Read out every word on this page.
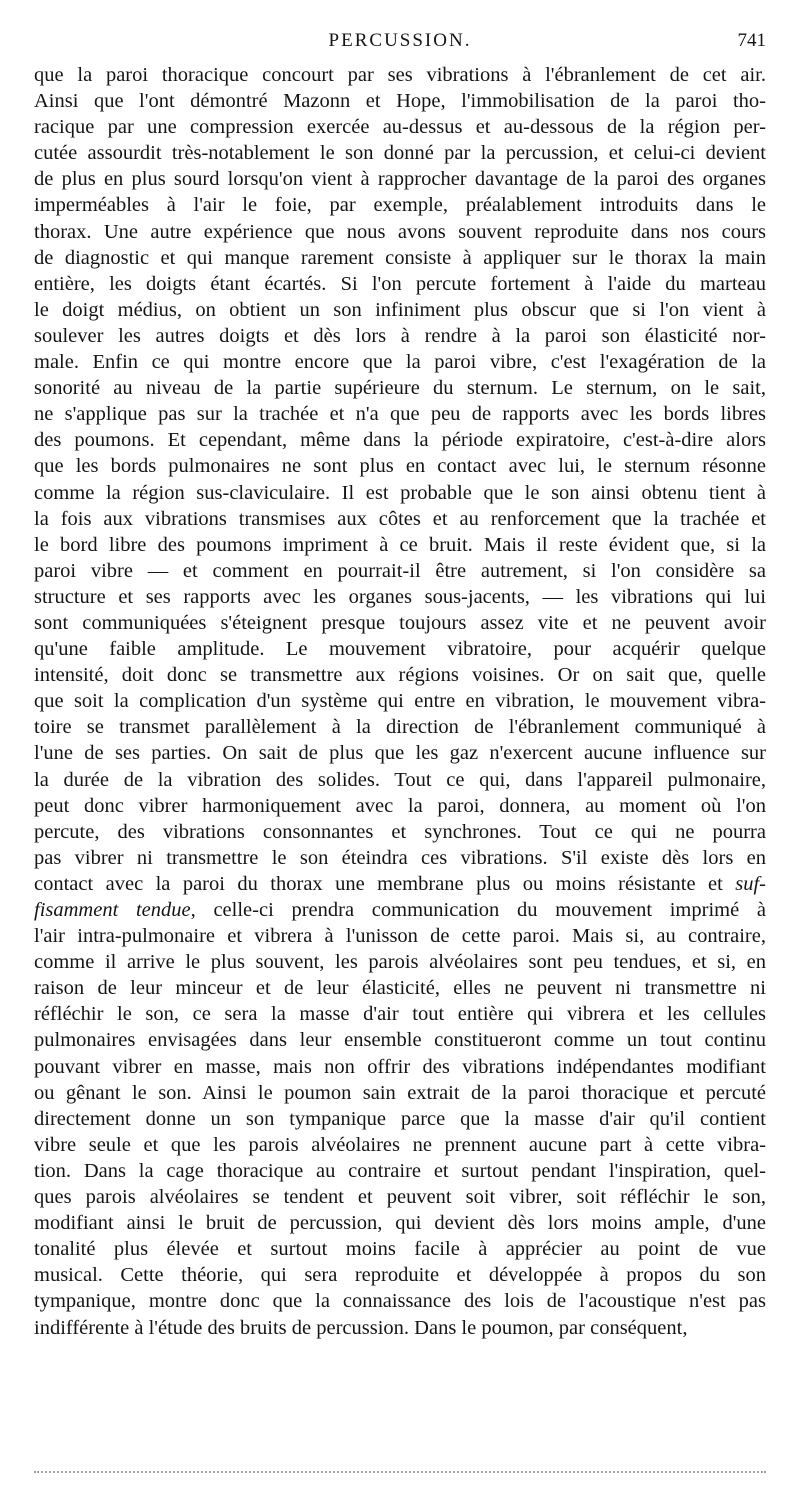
PERCUSSION.	741
que la paroi thoracique concourt par ses vibrations à l'ébranlement de cet air.
Ainsi que l'ont démontré Mazonn et Hope, l'immobilisation de la paroi tho-
racique par une compression exercée au-dessus et au-dessous de la région per-
cutée assourdit très-notablement le son donné par la percussion, et celui-ci devient
de plus en plus sourd lorsqu'on vient à rapprocher davantage de la paroi des organes
imperméables à l'air le foie, par exemple, préalablement introduits dans le
thorax. Une autre expérience que nous avons souvent reproduite dans nos cours
de diagnostic et qui manque rarement consiste à appliquer sur le thorax la main
entière, les doigts étant écartés. Si l'on percute fortement à l'aide du marteau
le doigt médius, on obtient un son infiniment plus obscur que si l'on vient à
soulever les autres doigts et dès lors à rendre à la paroi son élasticité nor-
male. Enfin ce qui montre encore que la paroi vibre, c'est l'exagération de la
sonorité au niveau de la partie supérieure du sternum. Le sternum, on le sait,
ne s'applique pas sur la trachée et n'a que peu de rapports avec les bords libres
des poumons. Et cependant, même dans la période expiratoire, c'est-à-dire alors
que les bords pulmonaires ne sont plus en contact avec lui, le sternum résonne
comme la région sus-claviculaire. Il est probable que le son ainsi obtenu tient à
la fois aux vibrations transmises aux côtes et au renforcement que la trachée et
le bord libre des poumons impriment à ce bruit. Mais il reste évident que, si la
paroi vibre — et comment en pourrait-il être autrement, si l'on considère sa
structure et ses rapports avec les organes sous-jacents, — les vibrations qui lui
sont communiquées s'éteignent presque toujours assez vite et ne peuvent avoir
qu'une faible amplitude. Le mouvement vibratoire, pour acquérir quelque
intensité, doit donc se transmettre aux régions voisines. Or on sait que, quelle
que soit la complication d'un système qui entre en vibration, le mouvement vibra-
toire se transmet parallèlement à la direction de l'ébranlement communiqué à
l'une de ses parties. On sait de plus que les gaz n'exercent aucune influence sur
la durée de la vibration des solides. Tout ce qui, dans l'appareil pulmonaire,
peut donc vibrer harmoniquement avec la paroi, donnera, au moment où l'on
percute, des vibrations consonnantes et synchrones. Tout ce qui ne pourra
pas vibrer ni transmettre le son éteindra ces vibrations. S'il existe dès lors en
contact avec la paroi du thorax une membrane plus ou moins résistante et suf-
fisamment tendue, celle-ci prendra communication du mouvement imprimé à
l'air intra-pulmonaire et vibrera à l'unisson de cette paroi. Mais si, au contraire,
comme il arrive le plus souvent, les parois alvéolaires sont peu tendues, et si, en
raison de leur minceur et de leur élasticité, elles ne peuvent ni transmettre ni
réfléchir le son, ce sera la masse d'air tout entière qui vibrera et les cellules
pulmonaires envisagées dans leur ensemble constitueront comme un tout continu
pouvant vibrer en masse, mais non offrir des vibrations indépendantes modifiant
ou gênant le son. Ainsi le poumon sain extrait de la paroi thoracique et percuté
directement donne un son tympanique parce que la masse d'air qu'il contient
vibre seule et que les parois alvéolaires ne prennent aucune part à cette vibra-
tion. Dans la cage thoracique au contraire et surtout pendant l'inspiration, quel-
ques parois alvéolaires se tendent et peuvent soit vibrer, soit réfléchir le son,
modifiant ainsi le bruit de percussion, qui devient dès lors moins ample, d'une
tonalité plus élevée et surtout moins facile à apprécier au point de vue
musical. Cette théorie, qui sera reproduite et développée à propos du son
tympanique, montre donc que la connaissance des lois de l'acoustique n'est pas
indifférente à l'étude des bruits de percussion. Dans le poumon, par conséquent,
